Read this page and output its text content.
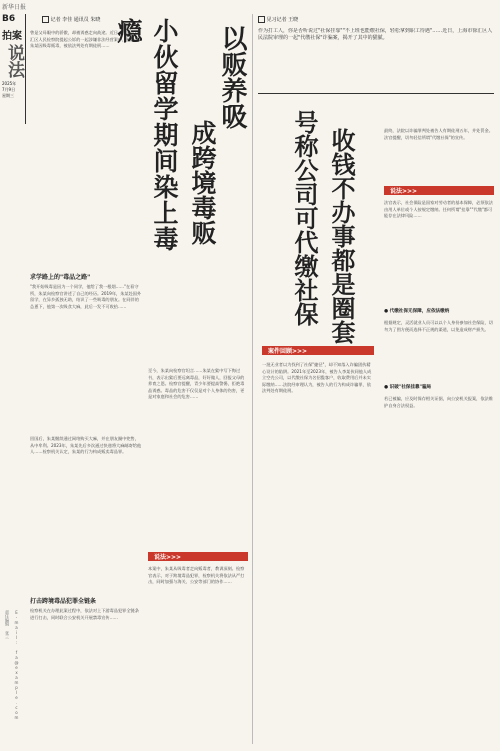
新华日报
B6
拍案
说法
2025年
7月9日
星期三
记者 李佳 通讯员 朱晓
曾是父母眼中的骄傲，却被诱惑走向歧途。近日，上海市徐汇区人民检察院提起公诉的一起涉嫌非法经营案中，被告人朱某因吸毒贩毒，被依法判处有期徒刑……
求学路上的"毒品之路"
"我开始吸毒是因为一个同学，他给了我一根烟……"在看守所，朱某向检察官讲述了自己的经历。2019年，朱某赴国外留学，在异乡孤独无助，结识了一些吸毒的朋友。在同伴的怂恿下，他第一次吸食大麻，此后一发不可收拾……
回国后，朱某继续通过网络购买大麻，并在朋友圈中兜售，从中牟利。2023年，朱某先后多次通过快递将大麻邮寄给他人……检察机关认定，朱某的行为构成贩卖毒品罪。
打击跨境毒品犯罪全链条
检察机关在办理此案过程中，依法对上下游毒品犯罪全链条进行打击，同时联合公安机关开展禁毒宣传……
责任编辑 张三	E-mail: fa@example.com
以贩养吸
成跨境毒贩
小伙留学期间染上毒瘾
至今，朱某向检察官坦言……朱某在狱中写下悔过书，表示出狱后要远离毒品，好好做人，回报父母的养育之恩。检察官提醒，青少年要提高警惕，拒绝毒品诱惑。毒品的危害不仅仅是对个人身体的伤害，更是对家庭和社会的危害……
说法>>>
本案中，朱某从吸毒者走向贩毒者，教训深刻。检察官表示，对于跨境毒品犯罪，检察机关将依法从严打击，同时加强与海关、公安等部门的协作……
见习记者 王晓
作为打工人，你是否听说过"社保挂靠""不上班也能缴社保，轻松拿到职工待遇"……近日，上海市徐汇区人民法院审理的一起"代缴社保"诈骗案，揭开了其中的猫腻。
收钱不办事都是圈套
号称公司可代缴社保
案件回顾>>>
一批无业者以为找到了社保"捷径"，却不知落入诈骗团伙精心设计的陷阱。2021年至2023年，被告人李某伙同他人成立空壳公司，以代缴社保为名招揽客户，收取费用后并未实际缴纳……法院经审理认为，被告人的行为构成诈骗罪，依法判处有期徒刑。
最终，法院以诈骗罪判处被告人有期徒刑五年，并处罚金。法官提醒，切勿轻信所谓"代缴社保"的宣传。
说法>>>
法官表示，社会保险是国家对劳动者的基本保障，必须依法由用人单位或个人按规定缴纳。任何所谓"挂靠""代缴"都可能存在法律风险……
● 代缴社保无保障，应依法缴纳
根据规定，灵活就业人员可以以个人身份参加社会保险，切勿为了图方便而选择不正规的渠道，以免造成财产损失。
● 识破"社保挂靠"骗局
若已被骗，应及时保存相关证据，向公安机关报案，依法维护自身合法权益。
